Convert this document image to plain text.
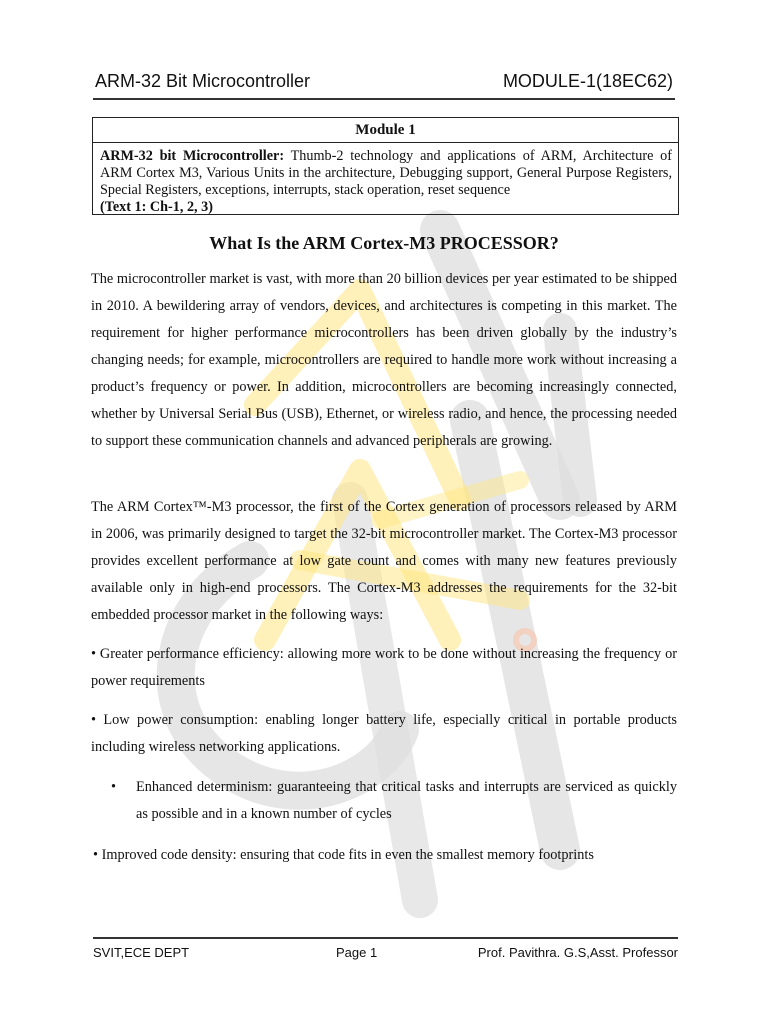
ARM-32 Bit Microcontroller	MODULE-1(18EC62)
Module 1
ARM-32 bit Microcontroller: Thumb-2 technology and applications of ARM, Architecture of ARM Cortex M3, Various Units in the architecture, Debugging support, General Purpose Registers, Special Registers, exceptions, interrupts, stack operation, reset sequence
(Text 1: Ch-1, 2, 3)
What Is the ARM Cortex-M3 PROCESSOR?
The microcontroller market is vast, with more than 20 billion devices per year estimated to be shipped in 2010. A bewildering array of vendors, devices, and architectures is competing in this market. The requirement for higher performance microcontrollers has been driven globally by the industry’s changing needs; for example, microcontrollers are required to handle more work without increasing a product’s frequency or power. In addition, microcontrollers are becoming increasingly connected, whether by Universal Serial Bus (USB), Ethernet, or wireless radio, and hence, the processing needed to support these communication channels and advanced peripherals are growing.
The ARM Cortex™-M3 processor, the first of the Cortex generation of processors released by ARM in 2006, was primarily designed to target the 32-bit microcontroller market. The Cortex-M3 processor provides excellent performance at low gate count and comes with many new features previously available only in high-end processors. The Cortex-M3 addresses the requirements for the 32-bit embedded processor market in the following ways:
• Greater performance efficiency: allowing more work to be done without increasing the frequency or power requirements
• Low power consumption: enabling longer battery life, especially critical in portable products including wireless networking applications.
• Enhanced determinism: guaranteeing that critical tasks and interrupts are serviced as quickly as possible and in a known number of cycles
• Improved code density: ensuring that code fits in even the smallest memory footprints
SVIT,ECE DEPT	Page 1	Prof. Pavithra. G.S,Asst. Professor
